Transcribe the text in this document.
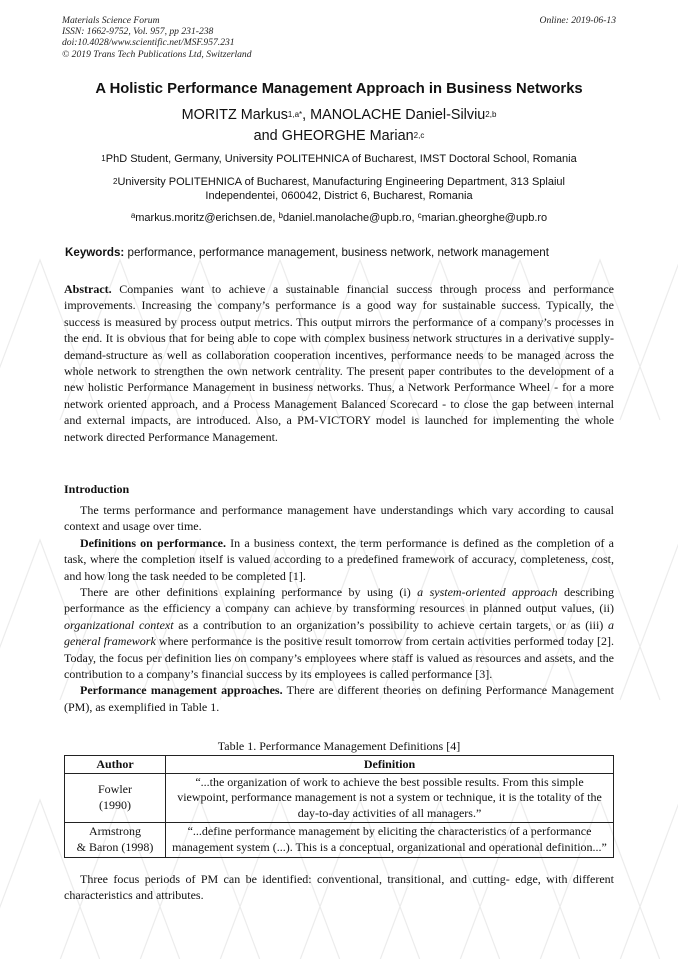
Materials Science Forum
ISSN: 1662-9752, Vol. 957, pp 231-238
doi:10.4028/www.scientific.net/MSF.957.231
© 2019 Trans Tech Publications Ltd, Switzerland
Online: 2019-06-13
A Holistic Performance Management Approach in Business Networks
MORITZ Markus$^{1,a*}$, MANOLACHE Daniel-Silviu$^{2,b}$
and GHEORGHE Marian$^{2,c}$
$^1$PhD Student, Germany, University POLITEHNICA of Bucharest, IMST Doctoral School, Romania
$^2$University POLITEHNICA of Bucharest, Manufacturing Engineering Department, 313 Splaiul
Independentei, 060042, District 6, Bucharest, Romania
$^a$markus.moritz@erichsen.de, $^b$daniel.manolache@upb.ro, $^c$marian.gheorghe@upb.ro
Keywords: performance, performance management, business network, network management
Abstract. Companies want to achieve a sustainable financial success through process and performance improvements. Increasing the company’s performance is a good way for sustainable success. Typically, the success is measured by process output metrics. This output mirrors the performance of a company’s processes in the end. It is obvious that for being able to cope with complex business network structures in a derivative supply-demand-structure as well as collaboration cooperation incentives, performance needs to be managed across the whole network to strengthen the own network centrality. The present paper contributes to the development of a new holistic Performance Management in business networks. Thus, a Network Performance Wheel - for a more network oriented approach, and a Process Management Balanced Scorecard - to close the gap between internal and external impacts, are introduced. Also, a PM-VICTORY model is launched for implementing the whole network directed Performance Management.
Introduction

The terms performance and performance management have understandings which vary according to causal context and usage over time.

Definitions on performance. In a business context, the term performance is defined as the completion of a task, where the completion itself is valued according to a predefined framework of accuracy, completeness, cost, and how long the task needed to be completed [1].

There are other definitions explaining performance by using (i) a system-oriented approach describing performance as the efficiency a company can achieve by transforming resources in planned output values, (ii) organizational context as a contribution to an organization’s possibility to achieve certain targets, or as (iii) a general framework where performance is the positive result tomorrow from certain activities performed today [2]. Today, the focus per definition lies on company’s employees where staff is valued as resources and assets, and the contribution to a company’s financial success by its employees is called performance [3].

Performance management approaches. There are different theories on defining Performance Management (PM), as exemplified in Table 1.

Table 1. Performance Management Definitions [4]
Author	Definition

Fowler
(1990)	“...the organization of work to achieve the best possible results. From this simple viewpoint, performance management is not a system or technique, it is the totality of the day-to-day activities of all managers.”

Armstrong
& Baron (1998)	“...define performance management by eliciting the characteristics of a performance management system (...). This is a conceptual, organizational and operational definition...”
Three focus periods of PM can be identified: conventional, transitional, and cutting- edge, with different characteristics and attributes.
